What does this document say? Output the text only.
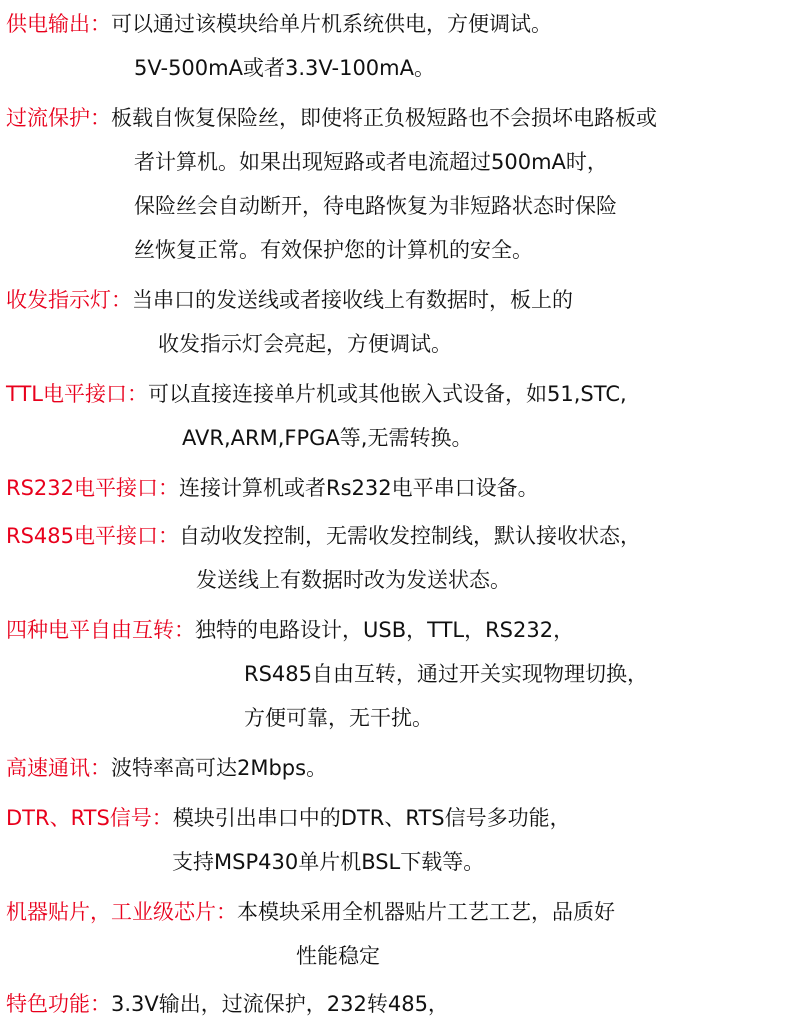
供电输出：可以通过该模块给单片机系统供电，方便调试。
5V-500mA或者3.3V-100mA。
过流保护：板载自恢复保险丝，即使将正负极短路也不会损坏电路板或
者计算机。如果出现短路或者电流超过500mA时，
保险丝会自动断开，待电路恢复为非短路状态时保险
丝恢复正常。有效保护您的计算机的安全。
收发指示灯：当串口的发送线或者接收线上有数据时，板上的
收发指示灯会亮起，方便调试。
TTL电平接口：可以直接连接单片机或其他嵌入式设备，如51,STC,
AVR,ARM,FPGA等,无需转换。
RS232电平接口：连接计算机或者Rs232电平串口设备。
RS485电平接口：自动收发控制，无需收发控制线，默认接收状态，
发送线上有数据时改为发送状态。
四种电平自由互转：独特的电路设计，USB，TTL，RS232，
RS485自由互转，通过开关实现物理切换，
方便可靠，无干扰。
高速通讯：波特率高可达2Mbps。
DTR、RTS信号：模块引出串口中的DTR、RTS信号多功能，
支持MSP430单片机BSL下载等。
机器贴片，工业级芯片：本模块采用全机器贴片工艺工艺，品质好
性能稳定
特色功能：3.3V输出，过流保护，232转485，
